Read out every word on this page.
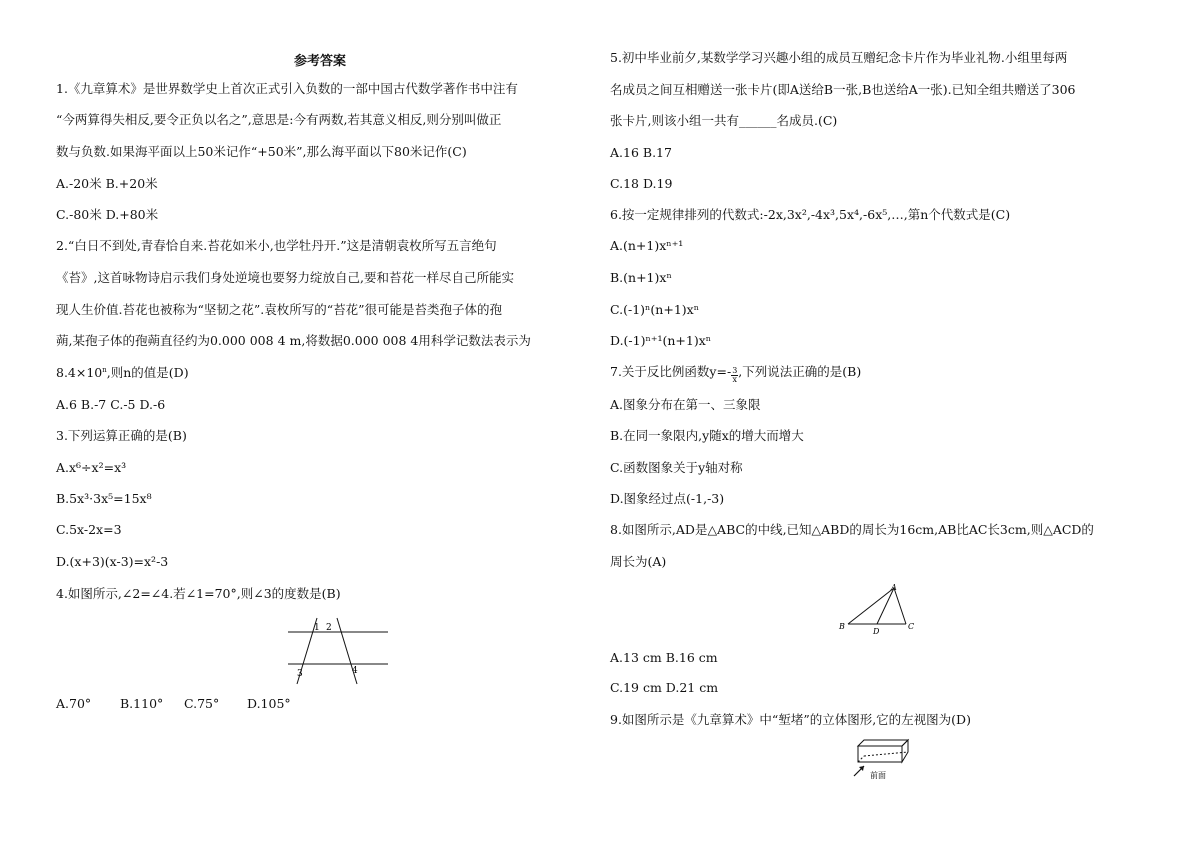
参考答案
1.《九章算术》是世界数学史上首次正式引入负数的一部中国古代数学著作书中注有
“今两算得失相反,要令正负以名之”,意思是:今有两数,若其意义相反,则分别叫做正
数与负数.如果海平面以上50米记作“+50米”,那么海平面以下80米记作(C)
A.-20米 B.+20米
C.-80米 D.+80米
2.“白日不到处,青春恰自来.苔花如米小,也学牡丹开.”这是清朝袁枚所写五言绝句
《苔》,这首咏物诗启示我们身处逆境也要努力绽放自己,要和苔花一样尽自己所能实
现人生价值.苔花也被称为“坚韧之花”.袁枚所写的“苔花”很可能是苔类孢子体的孢
蒴,某孢子体的孢蒴直径约为0.000 008 4 m,将数据0.000 008 4用科学记数法表示为
$8.4\times 10^n$,则n的值是(D)
A.6 B.-7 C.-5 D.-6
3.下列运算正确的是(B)
A.x⁶÷x²=x³
B.5x³·3x⁵=15x⁸
C.5x-2x=3
D.(x+3)(x-3)=x²-3
4.如图所示,∠2=∠4.若∠1=70°,则∠3的度数是(B)
1 2
3	4
A.70° B.110° C.75° D.105°
5.初中毕业前夕,某数学学习兴趣小组的成员互赠纪念卡片作为毕业礼物.小组里每两
名成员之间互相赠送一张卡片(即A送给B一张,B也送给A一张).已知全组共赠送了306
张卡片,则该小组一共有______名成员.(C)
A.16 B.17
C.18 D.19
6.按一定规律排列的代数式:-2x,3x²,-4x³,5x⁴,-6x⁵,…,第n个代数式是(C)
A.(n+1)xⁿ⁺¹
B.(n+1)xⁿ
C.(-1)ⁿ(n+1)xⁿ
D.(-1)ⁿ⁺¹(n+1)xⁿ
7.关于反比例函数$y=- \frac{3}{x}$ ,下列说法正确的是(B)
A.图象分布在第一、三象限
B.在同一象限内,y随x的增大而增大
C.函数图象关于y轴对称
D.图象经过点(-1,-3)
8.如图所示,AD是△ABC的中线,已知△ABD的周长为16cm,AB比AC长3cm,则△ACD的
周长为(A)
A
B
D
C
A.13 cm B.16 cm
C.19 cm D.21 cm
9.如图所示是《九章算术》中“堑堵”的立体图形,它的左视图为(D)
前面
